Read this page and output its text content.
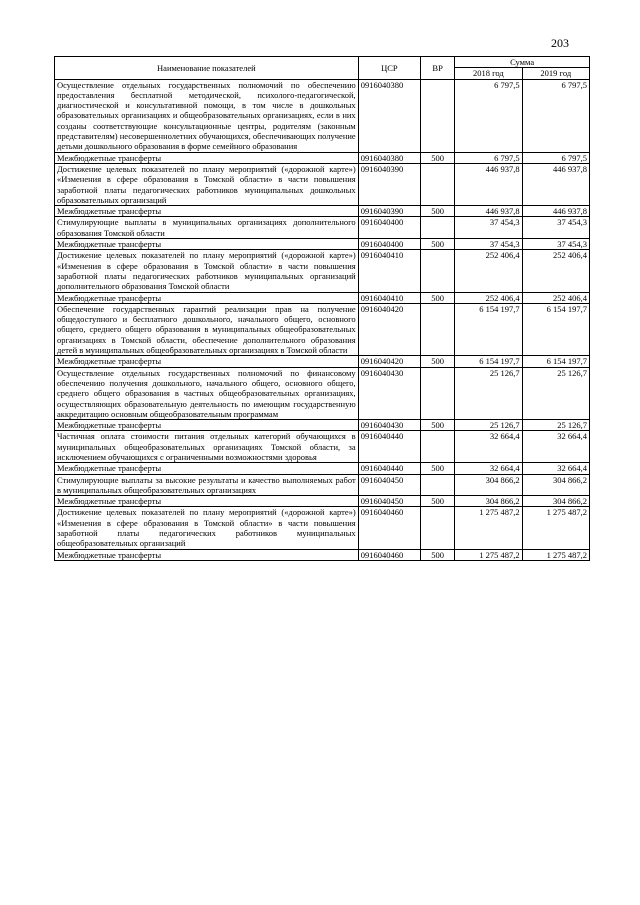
203
Наименование показателей	ЦСР	ВР	Сумма	
			2018 год	2019 год
Осуществление отдельных государственных полномочий по обеспечению предоставления бесплатной методической, психолого-педагогической, диагностической и консультативной помощи, в том числе в дошкольных образовательных организациях и общеобразовательных организациях, если в них созданы соответствующие консультационные центры, родителям (законным представителям) несовершеннолетних обучающихся, обеспечивающих получение детьми дошкольного образования в форме семейного образования	0916040380		6 797,5	6 797,5
Межбюджетные трансферты	0916040380	500	6 797,5	6 797,5
Достижение целевых показателей по плану мероприятий («дорожной карте») «Изменения в сфере образования в Томской области» в части повышения заработной платы педагогических работников муниципальных дошкольных образовательных организаций	0916040390		446 937,8	446 937,8
Межбюджетные трансферты	0916040390	500	446 937,8	446 937,8
Стимулирующие выплаты в муниципальных организациях дополнительного образования Томской области	0916040400		37 454,3	37 454,3
Межбюджетные трансферты	0916040400	500	37 454,3	37 454,3
Достижение целевых показателей по плану мероприятий («дорожной карте») «Изменения в сфере образования в Томской области» в части повышения заработной платы педагогических работников муниципальных организаций дополнительного образования Томской области	0916040410		252 406,4	252 406,4
Межбюджетные трансферты	0916040410	500	252 406,4	252 406,4
Обеспечение государственных гарантий реализации прав на получение общедоступного и бесплатного дошкольного, начального общего, основного общего, среднего общего образования в муниципальных общеобразовательных организациях в Томской области, обеспечение дополнительного образования детей в муниципальных общеобразовательных организациях в Томской области	0916040420		6 154 197,7	6 154 197,7
Межбюджетные трансферты	0916040420	500	6 154 197,7	6 154 197,7
Осуществление отдельных государственных полномочий по финансовому обеспечению получения дошкольного, начального общего, основного общего, среднего общего образования в частных общеобразовательных организациях, осуществляющих образовательную деятельность по имеющим государственную аккредитацию основным общеобразовательным программам	0916040430		25 126,7	25 126,7
Межбюджетные трансферты	0916040430	500	25 126,7	25 126,7
Частичная оплата стоимости питания отдельных категорий обучающихся в муниципальных общеобразовательных организациях Томской области, за исключением обучающихся с ограниченными возможностями здоровья	0916040440		32 664,4	32 664,4
Межбюджетные трансферты	0916040440	500	32 664,4	32 664,4
Стимулирующие выплаты за высокие результаты и качество выполняемых работ в муниципальных общеобразовательных организациях	0916040450		304 866,2	304 866,2
Межбюджетные трансферты	0916040450	500	304 866,2	304 866,2
Достижение целевых показателей по плану мероприятий («дорожной карте») «Изменения в сфере образования в Томской области» в части повышения заработной платы педагогических работников муниципальных общеобразовательных организаций	0916040460		1 275 487,2	1 275 487,2
Межбюджетные трансферты	0916040460	500	1 275 487,2	1 275 487,2
